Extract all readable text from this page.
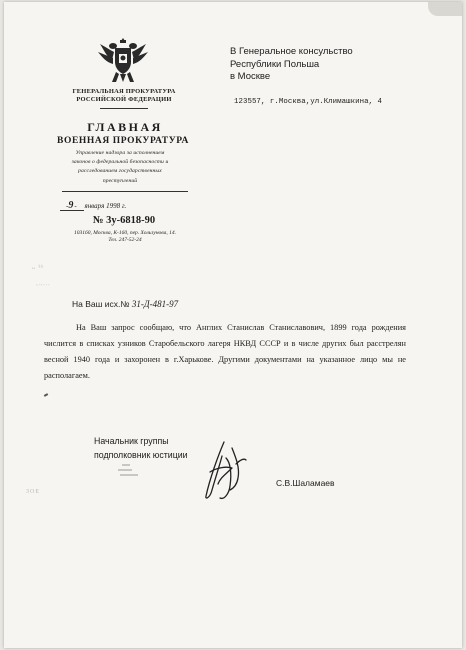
ГЕНЕРАЛЬНАЯ ПРОКУРАТУРА
РОССИЙСКОЙ ФЕДЕРАЦИИ
ГЛАВНАЯ
ВОЕННАЯ ПРОКУРАТУРА
Управление надзора за исполнением
законов о федеральной безопасности и
расследованием государственных
преступлений
-9- января 1998 г.
№ 3у-6818-90
103160, Москва, К-160, пер. Хользунова, 14.
Тел. 247-52-24
ᴗ ʰʰ
ᵉ ʲ ᵉ ᵛ ʳ ʳ
На Ваш исх.№ 31-Д-481-97
В Генеральное консульство
Республики Польша
в Москве
123557, г.Москва,ул.Климашкина, 4

На Ваш запрос сообщаю, что Англих Станислав Станиславович, 1899 года рождения числится в списках узников Старобельского лагеря НКВД СССР и в числе других был расстрелян весной 1940 года и захоронен в г.Харькове. Другими документами на указанное лицо мы не располагаем.

Начальник группы
подполковник юстиции
С.В.Шаламаев
ЗОЕ
